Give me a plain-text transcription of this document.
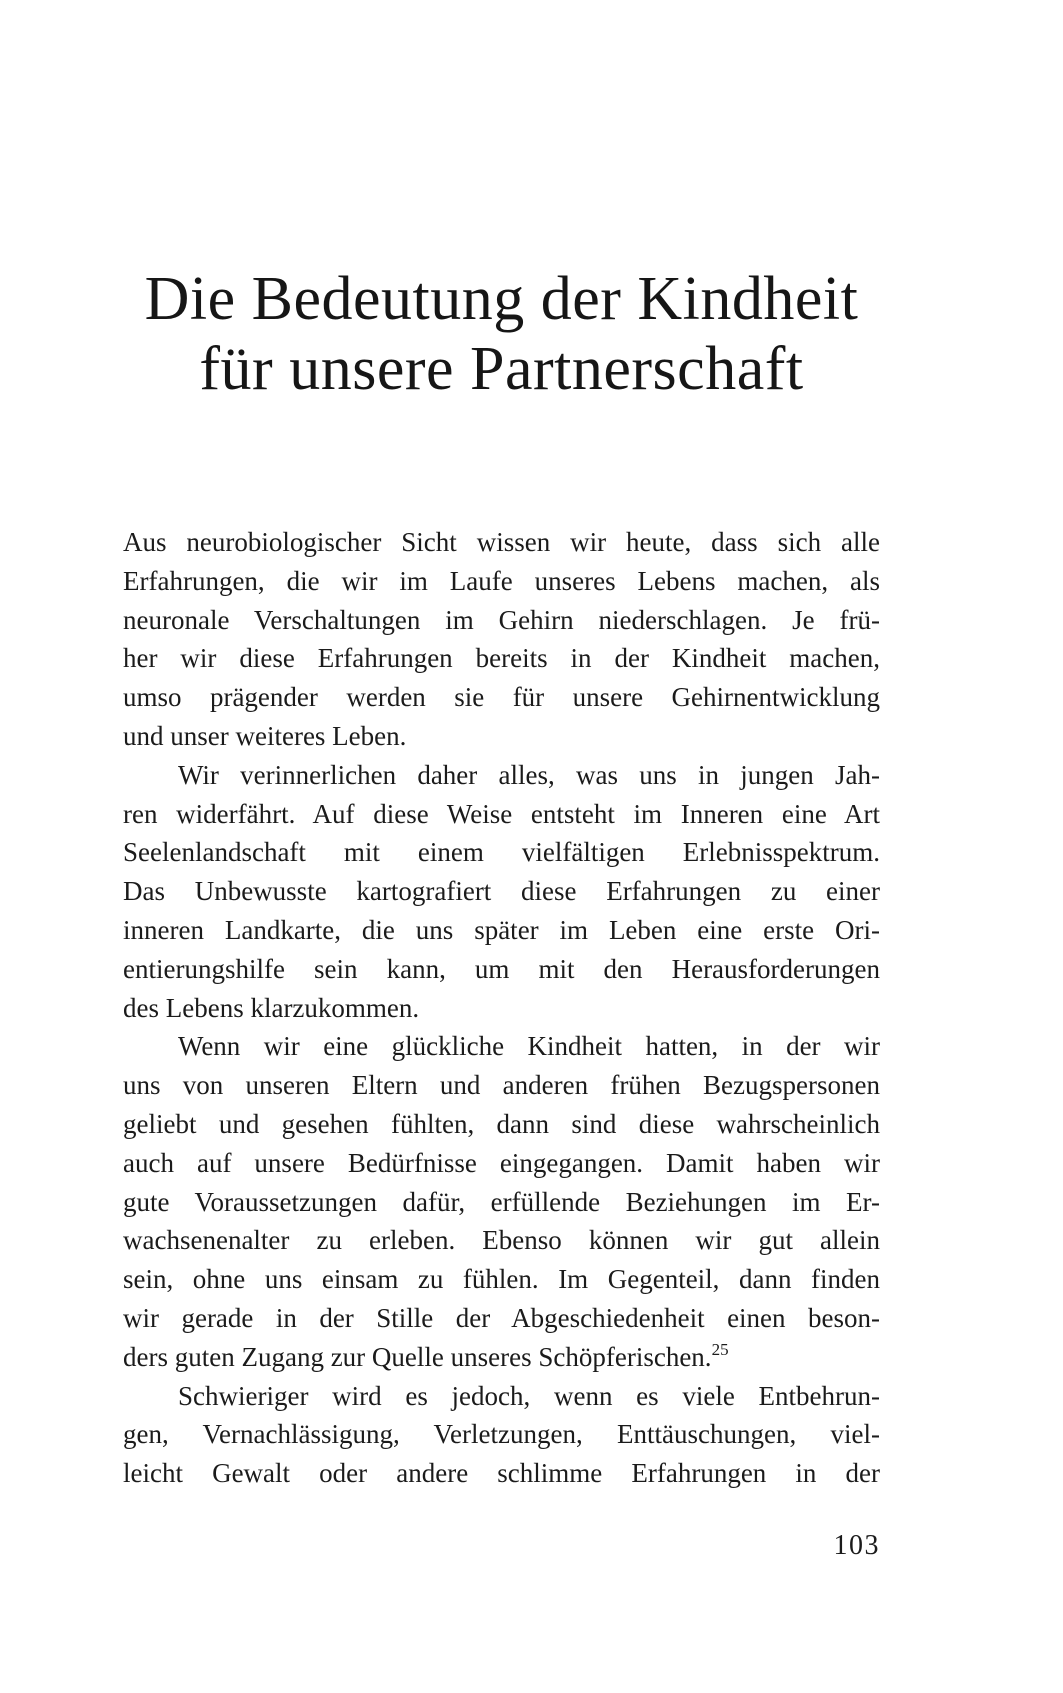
Die Bedeutung der Kindheit
für unsere Partnerschaft
Aus neurobiologischer Sicht wissen wir heute, dass sich alle
Erfahrungen, die wir im Laufe unseres Lebens machen, als
neuronale Verschaltungen im Gehirn niederschlagen. Je frü-
her wir diese Erfahrungen bereits in der Kindheit machen,
umso prägender werden sie für unsere Gehirnentwicklung
und unser weiteres Leben.
Wir verinnerlichen daher alles, was uns in jungen Jah-
ren widerfährt. Auf diese Weise entsteht im Inneren eine Art
Seelenlandschaft mit einem vielfältigen Erlebnisspektrum.
Das Unbewusste kartografiert diese Erfahrungen zu einer
inneren Landkarte, die uns später im Leben eine erste Ori-
entierungshilfe sein kann, um mit den Herausforderungen
des Lebens klarzukommen.
Wenn wir eine glückliche Kindheit hatten, in der wir
uns von unseren Eltern und anderen frühen Bezugspersonen
geliebt und gesehen fühlten, dann sind diese wahrscheinlich
auch auf unsere Bedürfnisse eingegangen. Damit haben wir
gute Voraussetzungen dafür, erfüllende Beziehungen im Er-
wachsenenalter zu erleben. Ebenso können wir gut allein
sein, ohne uns einsam zu fühlen. Im Gegenteil, dann finden
wir gerade in der Stille der Abgeschiedenheit einen beson-
ders guten Zugang zur Quelle unseres Schöpferischen.$^{25}$
Schwieriger wird es jedoch, wenn es viele Entbehrun-
gen, Vernachlässigung, Verletzungen, Enttäuschungen, viel-
leicht Gewalt oder andere schlimme Erfahrungen in der
103
